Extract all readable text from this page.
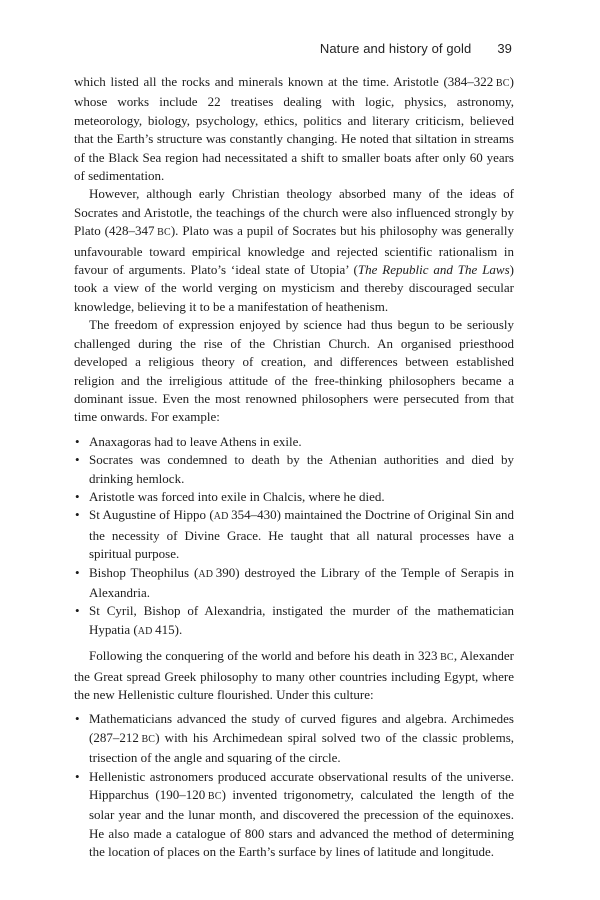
Nature and history of gold 39

which listed all the rocks and minerals known at the time. Aristotle (384–322 BC) whose works include 22 treatises dealing with logic, physics, astronomy, meteorology, biology, psychology, ethics, politics and literary criticism, believed that the Earth’s structure was constantly changing. He noted that siltation in streams of the Black Sea region had necessitated a shift to smaller boats after only 60 years of sedimentation.

However, although early Christian theology absorbed many of the ideas of Socrates and Aristotle, the teachings of the church were also influenced strongly by Plato (428–347 BC). Plato was a pupil of Socrates but his philosophy was generally unfavourable toward empirical knowledge and rejected scientific rationalism in favour of arguments. Plato’s ‘ideal state of Utopia’ (The Republic and The Laws) took a view of the world verging on mysticism and thereby discouraged secular knowledge, believing it to be a manifestation of heathenism.

The freedom of expression enjoyed by science had thus begun to be seriously challenged during the rise of the Christian Church. An organised priesthood developed a religious theory of creation, and differences between established religion and the irreligious attitude of the free-thinking philosophers became a dominant issue. Even the most renowned philosophers were persecuted from that time onwards. For example:

• Anaxagoras had to leave Athens in exile.
• Socrates was condemned to death by the Athenian authorities and died by drinking hemlock.
• Aristotle was forced into exile in Chalcis, where he died.
• St Augustine of Hippo (AD 354–430) maintained the Doctrine of Original Sin and the necessity of Divine Grace. He taught that all natural processes have a spiritual purpose.
• Bishop Theophilus (AD 390) destroyed the Library of the Temple of Serapis in Alexandria.
• St Cyril, Bishop of Alexandria, instigated the murder of the mathematician Hypatia (AD 415).

Following the conquering of the world and before his death in 323 BC, Alexander the Great spread Greek philosophy to many other countries including Egypt, where the new Hellenistic culture flourished. Under this culture:

• Mathematicians advanced the study of curved figures and algebra. Archimedes (287–212 BC) with his Archimedean spiral solved two of the classic problems, trisection of the angle and squaring of the circle.
• Hellenistic astronomers produced accurate observational results of the universe. Hipparchus (190–120 BC) invented trigonometry, calculated the length of the solar year and the lunar month, and discovered the precession of the equinoxes. He also made a catalogue of 800 stars and advanced the method of determining the location of places on the Earth’s surface by lines of latitude and longitude.
